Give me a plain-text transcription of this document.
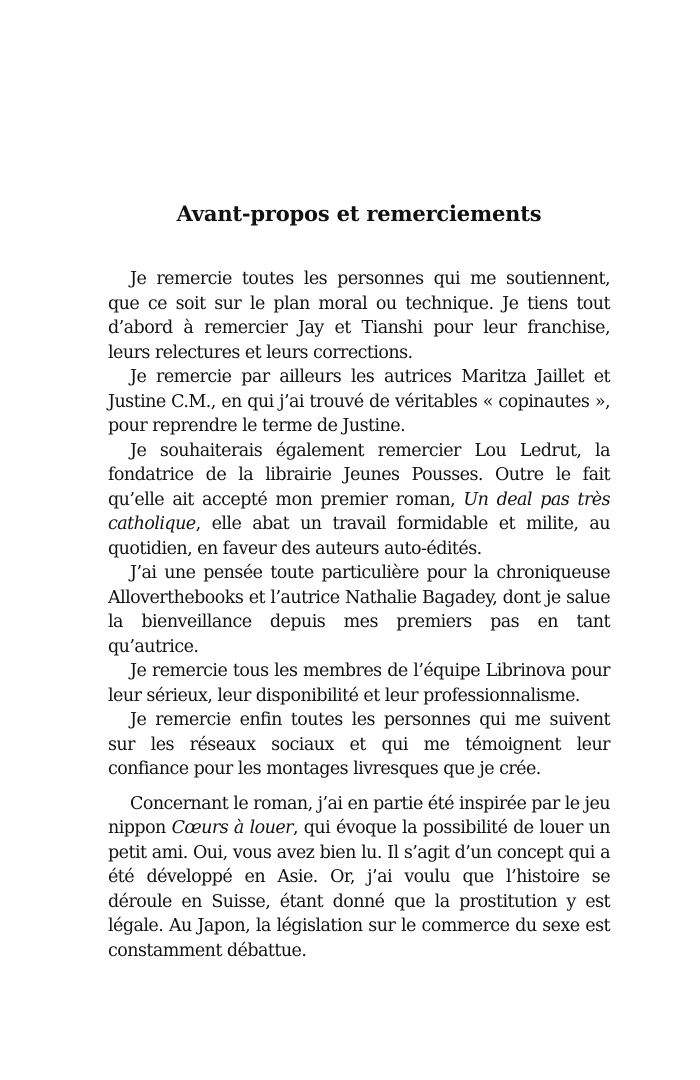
Avant-propos et remerciements

Je remercie toutes les personnes qui me soutiennent, que ce soit sur le plan moral ou technique. Je tiens tout d’abord à remercier Jay et Tianshi pour leur franchise, leurs relectures et leurs corrections.

Je remercie par ailleurs les autrices Maritza Jaillet et Justine C.M., en qui j’ai trouvé de véritables « copinautes », pour reprendre le terme de Justine.

Je souhaiterais également remercier Lou Ledrut, la fondatrice de la librairie Jeunes Pousses. Outre le fait qu’elle ait accepté mon premier roman, Un deal pas très catholique, elle abat un travail formidable et milite, au quotidien, en faveur des auteurs auto-édités.

J’ai une pensée toute particulière pour la chroniqueuse Alloverthebooks et l’autrice Nathalie Bagadey, dont je salue la bienveillance depuis mes premiers pas en tant qu’autrice.

Je remercie tous les membres de l’équipe Librinova pour leur sérieux, leur disponibilité et leur professionnalisme.

Je remercie enfin toutes les personnes qui me suivent sur les réseaux sociaux et qui me témoignent leur confiance pour les montages livresques que je crée.

Concernant le roman, j’ai en partie été inspirée par le jeu nippon Cœurs à louer, qui évoque la possibilité de louer un petit ami. Oui, vous avez bien lu. Il s’agit d’un concept qui a été développé en Asie. Or, j’ai voulu que l’histoire se déroule en Suisse, étant donné que la prostitution y est légale. Au Japon, la législation sur le commerce du sexe est constamment débattue.
